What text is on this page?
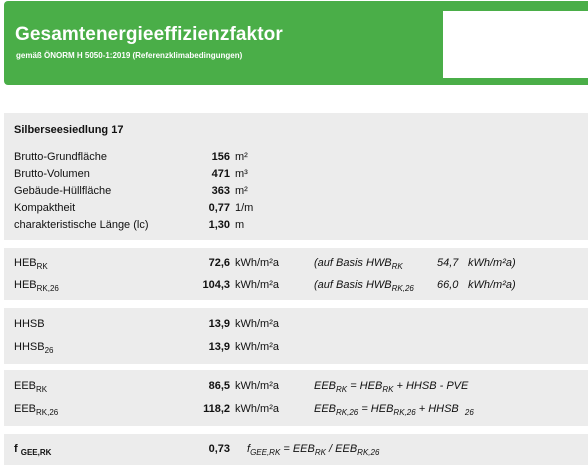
Gesamtenergieeffizienzfaktor
gemäß ÖNORM H 5050-1:2019 (Referenzklimabedingungen)
Silberseesiedlung 17
Brutto-Grundfläche	156 m²
Brutto-Volumen	471 m³
Gebäude-Hüllfläche	363 m²
Kompaktheit	0,77 1/m
charakteristische Länge (lc)	1,30 m
$HEB_{RK}$	72,6 kWh/m²a	(auf Basis $HWB_{RK}$	54,7 kWh/m²a)
$HEB_{RK,26}$	104,3 kWh/m²a	(auf Basis $HWB_{RK,26}$ 66,0 kWh/m²a)
HHSB	13,9 kWh/m²a
$HHSB_{26}$	13,9 kWh/m²a
$EEB_{RK}$	86,5 kWh/m²a	$EEB_{RK} = HEB_{RK}$ + HHSB - PVE
$EEB_{RK,26}$	118,2 kWh/m²a	$EEB_{RK,26} = HEB_{RK,26}$ + HHSB $_{26}$
f $_{GEE,RK}$	0,73 $f_{GEE,RK} = EEB_{RK} / EEB_{RK,26}$
